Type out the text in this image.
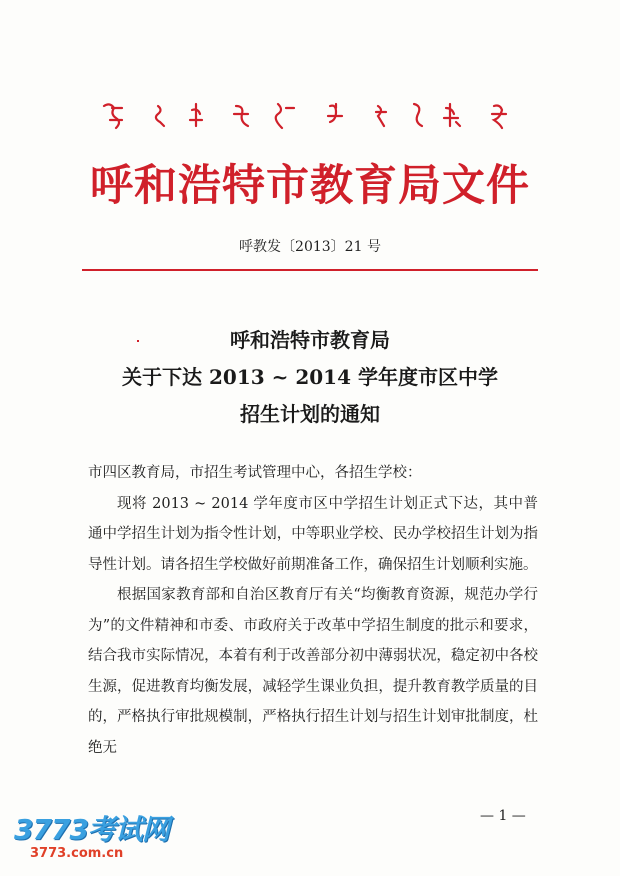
呼和浩特市教育局文件
呼教发〔2013〕21 号
呼和浩特市教育局
关于下达 2013 ~ 2014 学年度市区中学
招生计划的通知

市四区教育局，市招生考试管理中心，各招生学校：

现将 2013 ~ 2014 学年度市区中学招生计划正式下达，其中普通中学招生计划为指令性计划，中等职业学校、民办学校招生计划为指导性计划。请各招生学校做好前期准备工作，确保招生计划顺利实施。

根据国家教育部和自治区教育厅有关“均衡教育资源，规范办学行为”的文件精神和市委、市政府关于改革中学招生制度的批示和要求，结合我市实际情况，本着有利于改善部分初中薄弱状况，稳定初中各校生源，促进教育均衡发展，减轻学生课业负担，提升教育教学质量的目的，严格执行审批规模制，严格执行招生计划与招生计划审批制度，杜绝无

— 1 —
3773考试网
3773.com.cn
